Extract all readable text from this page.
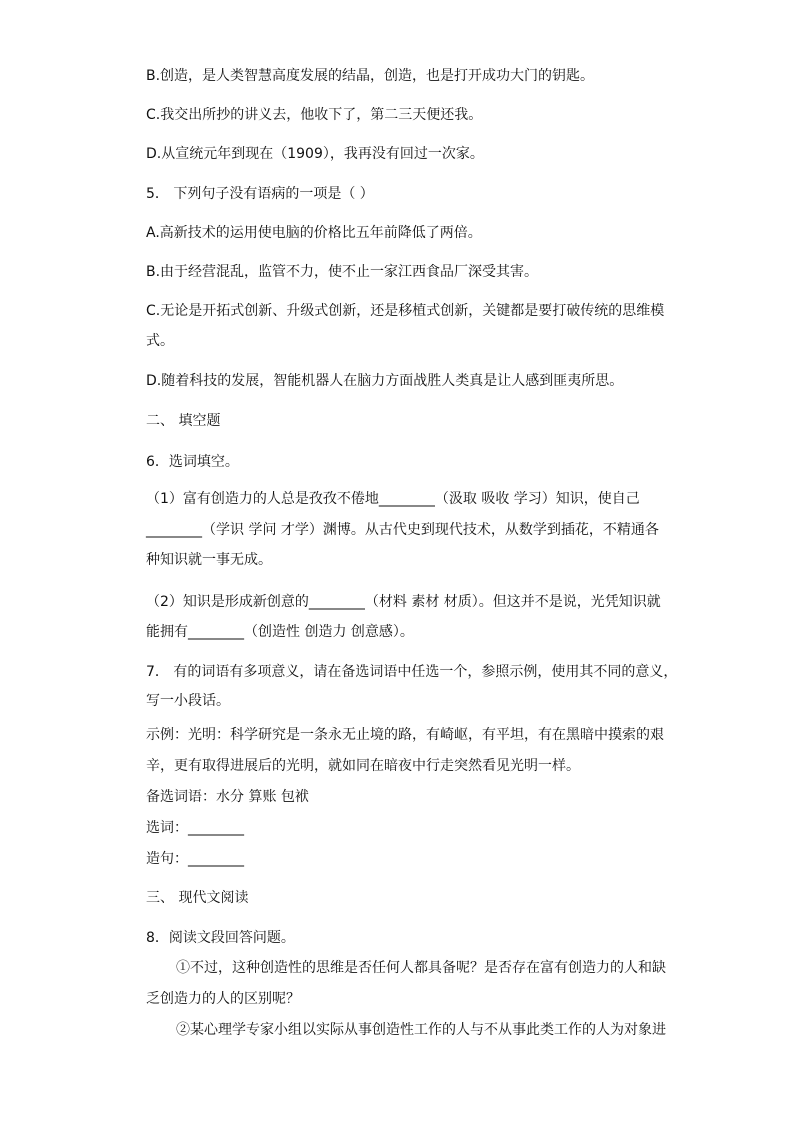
B.创造，是人类智慧高度发展的结晶，创造，也是打开成功大门的钥匙。
C.我交出所抄的讲义去，他收下了，第二三天便还我。
D.从宣统元年到现在（1909），我再没有回过一次家。
5． 下列句子没有语病的一项是（ ）
A.高新技术的运用使电脑的价格比五年前降低了两倍。
B.由于经营混乱，监管不力，使不止一家江西食品厂深受其害。
C.无论是开拓式创新、升级式创新，还是移植式创新，关键都是要打破传统的思维模
式。
D.随着科技的发展，智能机器人在脑力方面战胜人类真是让人感到匪夷所思。
二、 填空题
6．选词填空。
（1）富有创造力的人总是孜孜不倦地________（汲取 吸收 学习）知识，使自己
________（学识 学问 才学）渊博。从古代史到现代技术，从数学到插花，不精通各
种知识就一事无成。
（2）知识是形成新创意的________（材料 素材 材质）。但这并不是说，光凭知识就
能拥有________（创造性 创造力 创意感）。
7． 有的词语有多项意义，请在备选词语中任选一个，参照示例，使用其不同的意义，
写一小段话。
示例：光明：科学研究是一条永无止境的路，有崎岖，有平坦，有在黑暗中摸索的艰
辛，更有取得进展后的光明，就如同在暗夜中行走突然看见光明一样。
备选词语：水分 算账 包袱
选词：________
造句：________
三、 现代文阅读
8．阅读文段回答问题。
①不过，这种创造性的思维是否任何人都具备呢？是否存在富有创造力的人和缺
乏创造力的人的区别呢？
②某心理学专家小组以实际从事创造性工作的人与不从事此类工作的人为对象进
